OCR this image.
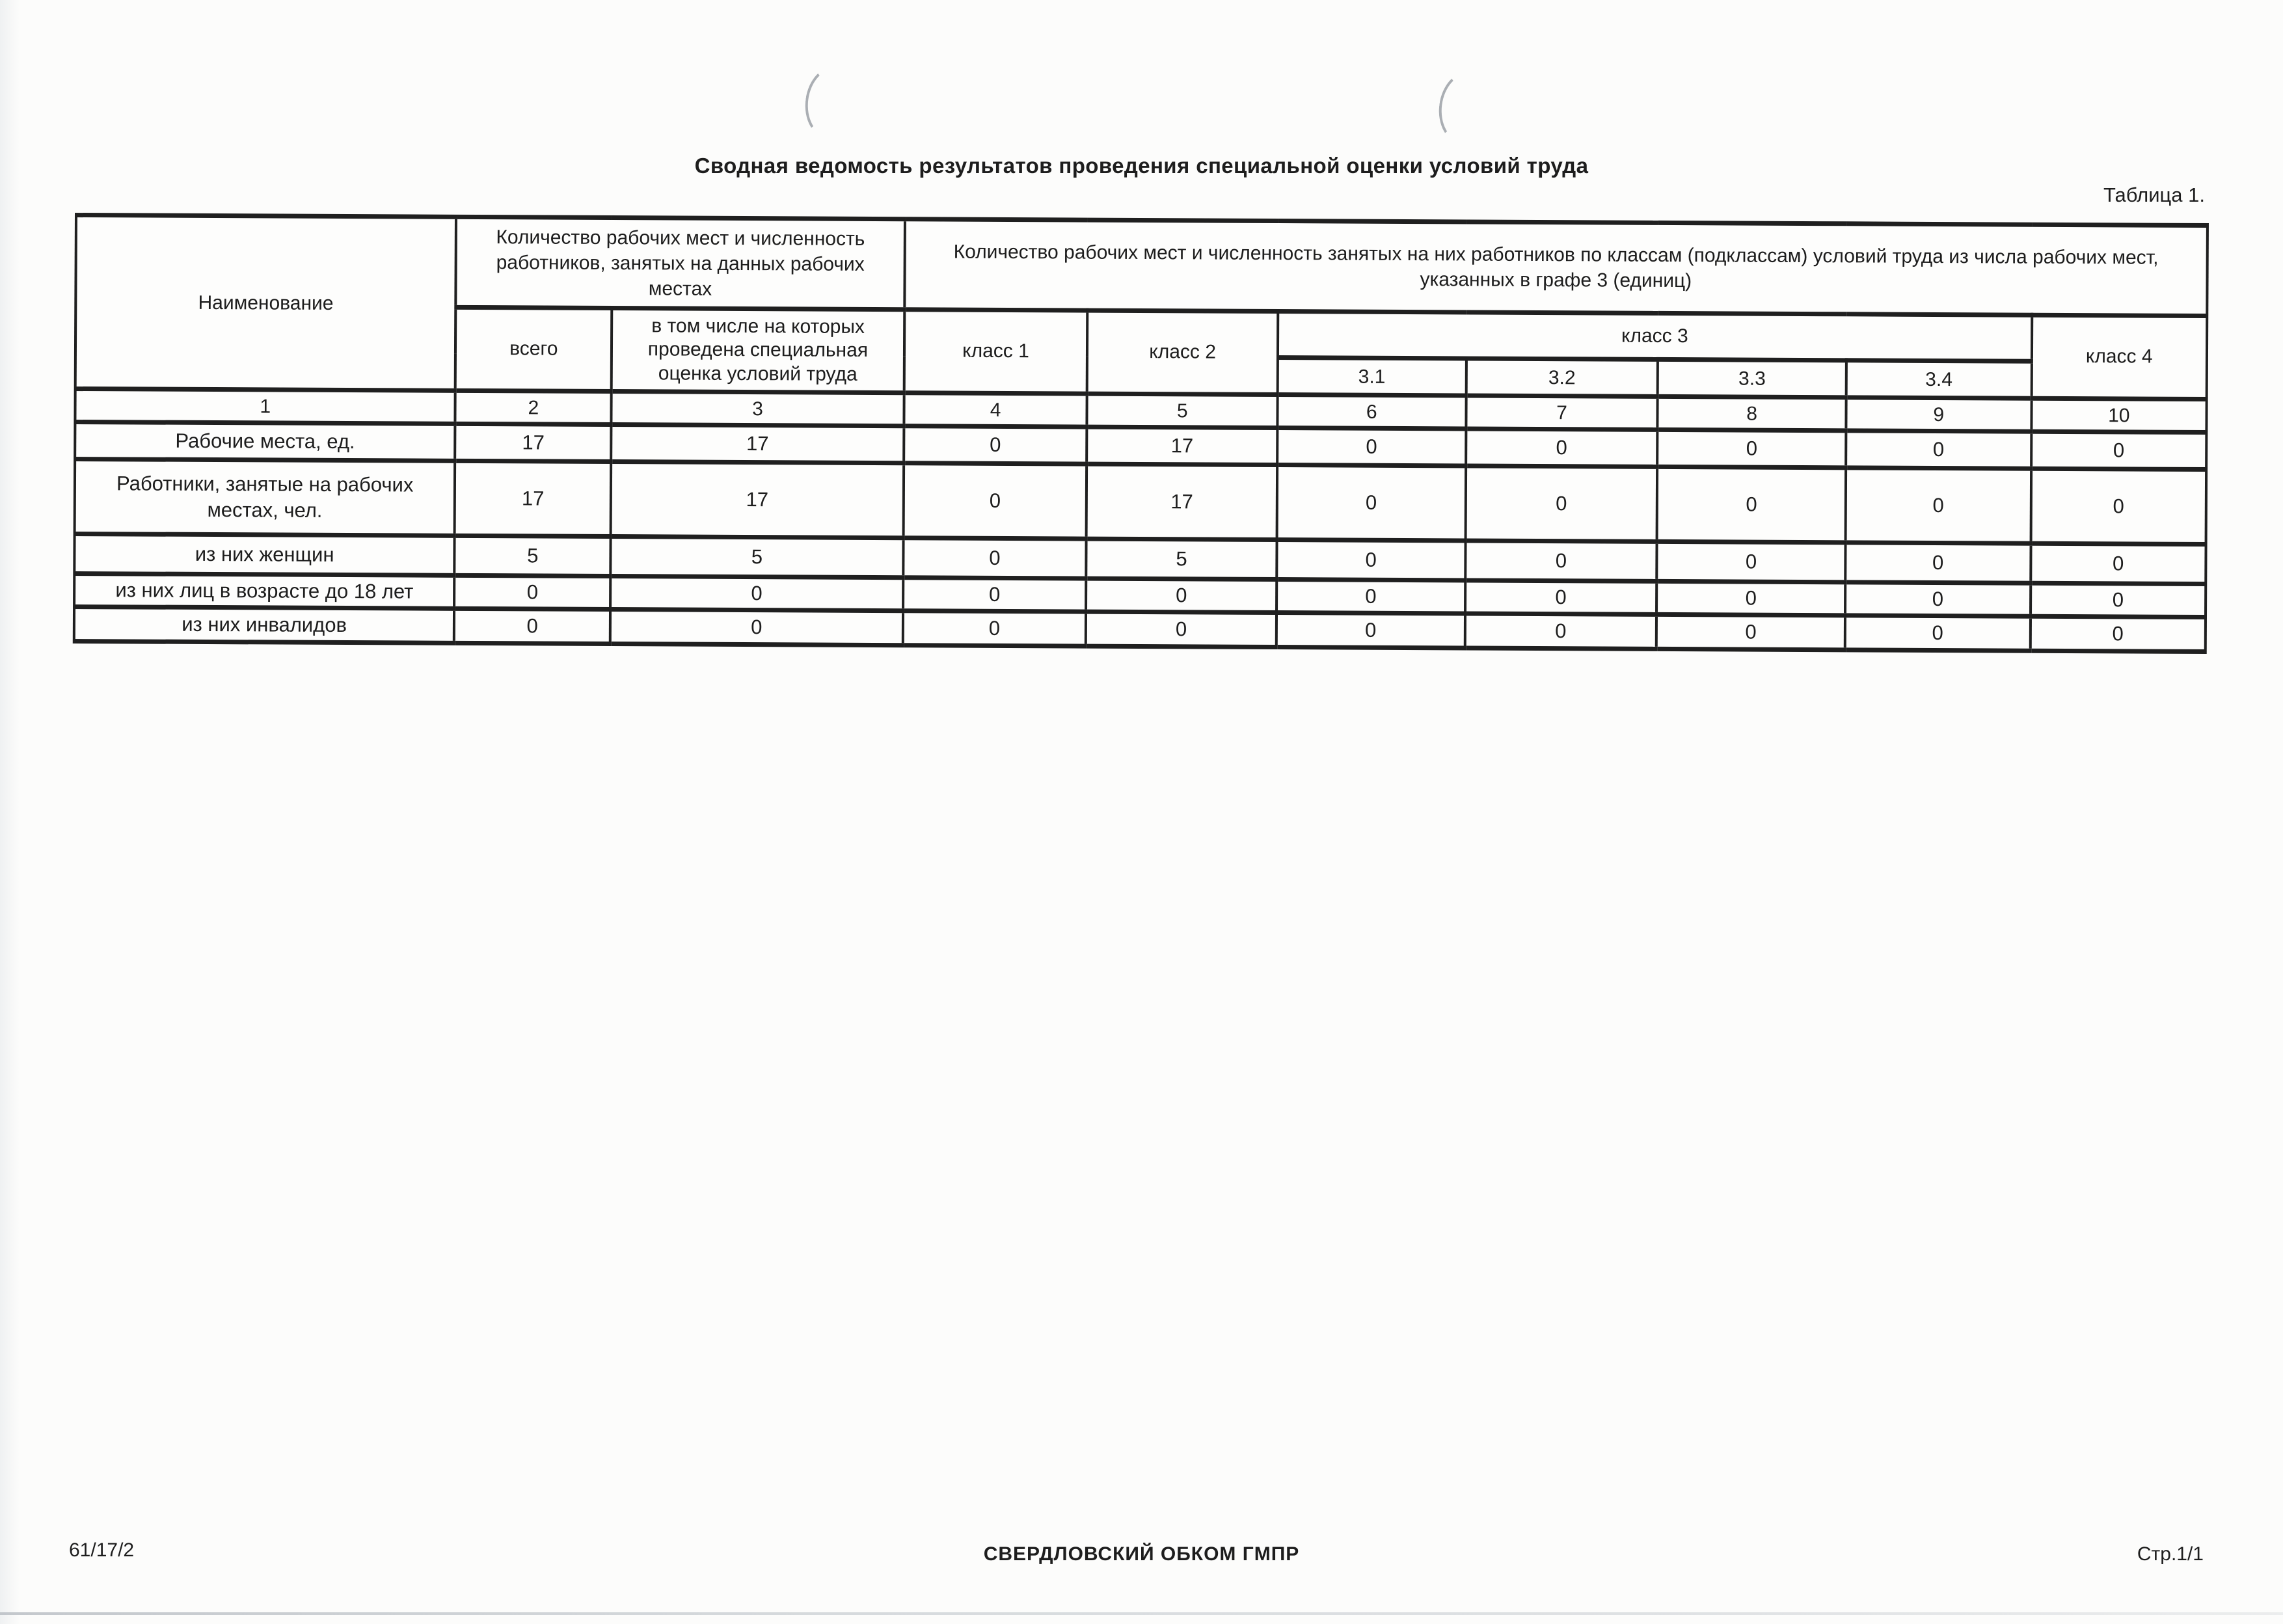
Сводная ведомость результатов проведения специальной оценки условий труда
Таблица 1.
Наименование	Количество рабочих мест и численность работников, занятых на данных рабочих местах		Количество рабочих мест и численность занятых на них работников по классам (подклассам) условий труда из числа рабочих мест, указанных в графе 3 (единиц)						
	всего	в том числе на которых проведена специальная оценка условий труда	класс 1	класс 2	класс 3				класс 4
					3.1	3.2	3.3	3.4	
1	2	3	4	5	6	7	8	9	10
Рабочие места, ед.	17	17	0	17	0	0	0	0	0
Работники, занятые на рабочих местах, чел.	17	17	0	17	0	0	0	0	0
из них женщин	5	5	0	5	0	0	0	0	0
из них лиц в возрасте до 18 лет	0	0	0	0	0	0	0	0	0
из них инвалидов	0	0	0	0	0	0	0	0	0
61/17/2	СВЕРДЛОВСКИЙ ОБКОМ ГМПР	Стр.1/1
